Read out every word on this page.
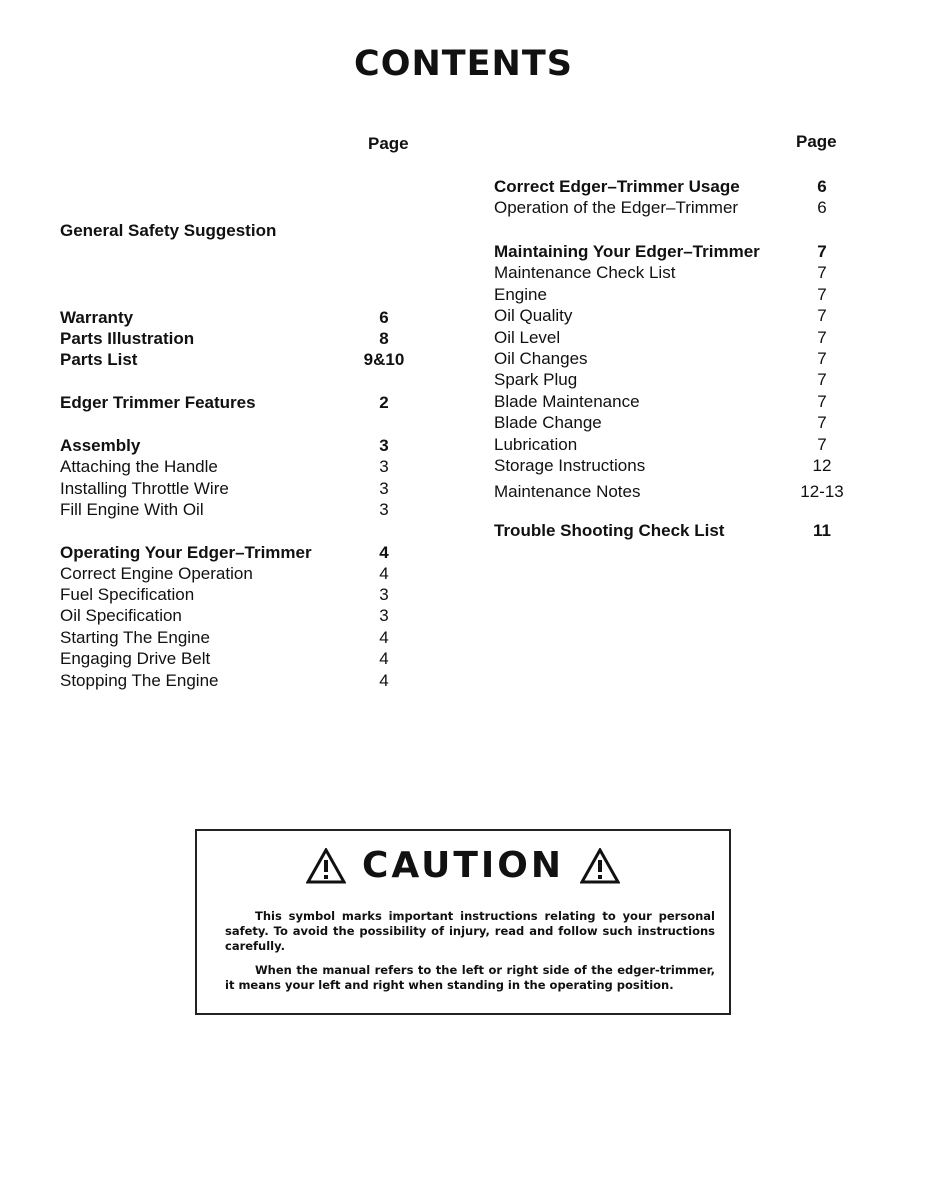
CONTENTS
Page	Page
General Safety Suggestion
Warranty	6
Parts Illustration	8
Parts List	9&10
Edger Trimmer Features	2
Assembly	3
Attaching the Handle	3
Installing Throttle Wire	3
Fill Engine With Oil	3
Operating Your Edger–Trimmer	4
Correct Engine Operation	4
Fuel Specification	3
Oil Specification	3
Starting The Engine	4
Engaging Drive Belt	4
Stopping The Engine	4
Correct Edger–Trimmer Usage	6
Operation of the Edger–Trimmer	6
Maintaining Your Edger–Trimmer	7
Maintenance Check List	7
Engine	7
Oil Quality	7
Oil Level	7
Oil Changes	7
Spark Plug	7
Blade Maintenance	7
Blade Change	7
Lubrication	7
Storage Instructions	12
Maintenance Notes	12-13
Trouble Shooting Check List	11
CAUTION
This symbol marks important instructions relating to your personal safety. To avoid the possibility of injury, read and follow such instructions carefully.
When the manual refers to the left or right side of the edger-trimmer, it means your left and right when standing in the operating position.
